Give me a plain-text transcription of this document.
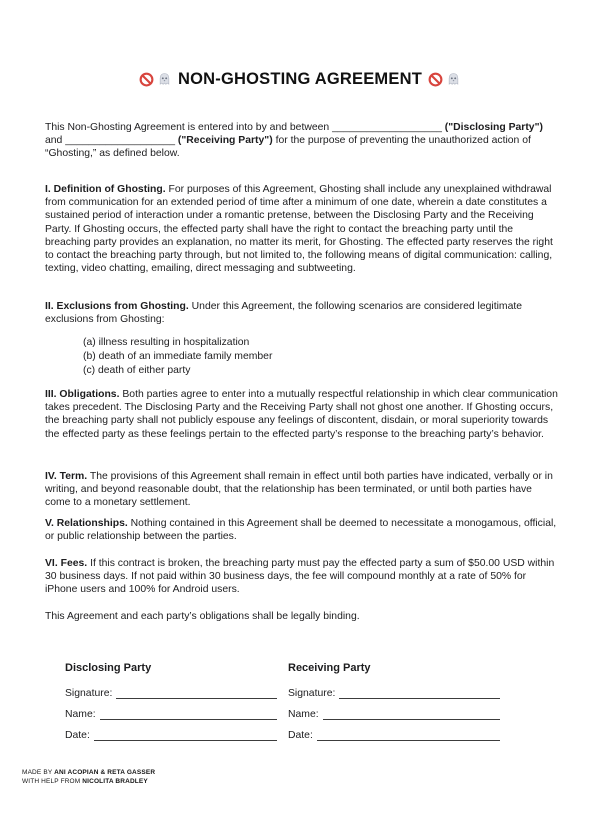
NON-GHOSTING AGREEMENT

This Non-Ghosting Agreement is entered into by and between ___________________ ("Disclosing Party") and ___________________ ("Receiving Party") for the purpose of preventing the unauthorized action of “Ghosting,” as defined below.

I. Definition of Ghosting. For purposes of this Agreement, Ghosting shall include any unexplained withdrawal from communication for an extended period of time after a minimum of one date, wherein a date constitutes a sustained period of interaction under a romantic pretense, between the Disclosing Party and the Receiving Party. If Ghosting occurs, the effected party shall have the right to contact the breaching party until the breaching party provides an explanation, no matter its merit, for Ghosting. The effected party reserves the right to contact the breaching party through, but not limited to, the following means of digital communication: calling, texting, video chatting, emailing, direct messaging and subtweeting.

II. Exclusions from Ghosting. Under this Agreement, the following scenarios are considered legitimate exclusions from Ghosting:

(a) illness resulting in hospitalization
(b) death of an immediate family member
(c) death of either party

III. Obligations. Both parties agree to enter into a mutually respectful relationship in which clear communication takes precedent. The Disclosing Party and the Receiving Party shall not ghost one another. If Ghosting occurs, the breaching party shall not publicly espouse any feelings of discontent, disdain, or moral superiority towards the effected party as these feelings pertain to the effected party’s response to the breaching party’s behavior.

IV. Term. The provisions of this Agreement shall remain in effect until both parties have indicated, verbally or in writing, and beyond reasonable doubt, that the relationship has been terminated, or until both parties have come to a monetary settlement.

V. Relationships. Nothing contained in this Agreement shall be deemed to necessitate a monogamous, official, or public relationship between the parties.

VI. Fees. If this contract is broken, the breaching party must pay the effected party a sum of $50.00 USD within 30 business days. If not paid within 30 business days, the fee will compound monthly at a rate of 50% for iPhone users and 100% for Android users.

This Agreement and each party’s obligations shall be legally binding.

Disclosing Party
Signature:
Name:
Date:
Receiving Party
Signature:
Name:
Date:
MADE BY ANI ACOPIAN & RETA GASSER
WITH HELP FROM NICOLITA BRADLEY
